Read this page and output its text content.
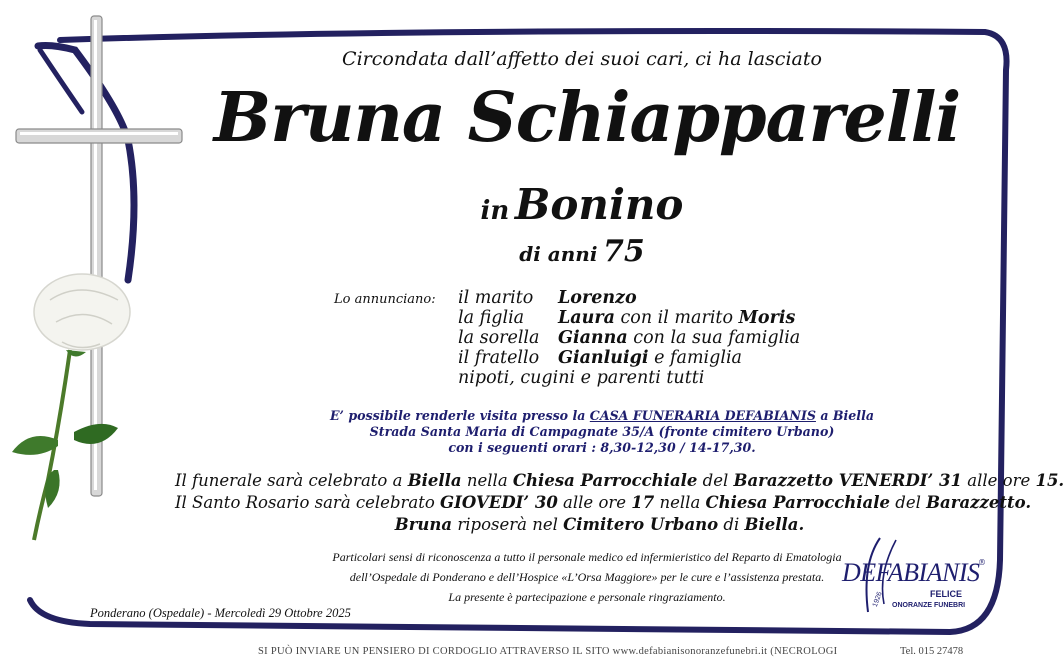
Circondata dall’affetto dei suoi cari, ci ha lasciato
Bruna Schiapparelli
in Bonino
di anni 75
Lo annunciano: il marito Lorenzo
la figlia Laura con il marito Moris
la sorella Gianna con la sua famiglia
il fratello Gianluigi e famiglia
nipoti, cugini e parenti tutti
E’ possibile renderle visita presso la CASA FUNERARIA DEFABIANIS a Biella
Strada Santa Maria di Campagnate 35/A (fronte cimitero Urbano)
con i seguenti orari : 8,30-12,30 / 14-17,30.
Il funerale sarà celebrato a Biella nella Chiesa Parrocchiale del Barazzetto VENERDI’ 31 alle ore 15.
Il Santo Rosario sarà celebrato GIOVEDI’ 30 alle ore 17 nella Chiesa Parrocchiale del Barazzetto.
Bruna riposerà nel Cimitero Urbano di Biella.
Particolari sensi di riconoscenza a tutto il personale medico ed infermieristico del Reparto di Ematologia
dell’Ospedale di Ponderano e dell’Hospice «L’Orsa Maggiore» per le cure e l’assistenza prestata.
La presente è partecipazione e personale ringraziamento.
Ponderano (Ospedale) - Mercoledì 29 Ottobre 2025
DEFABIANIS
®
FELICE
ONORANZE FUNEBRI
1926
SI PUÒ INVIARE UN PENSIERO DI CORDOGLIO ATTRAVERSO IL SITO www.defabianisonoranzefunebri.it (NECROLOGI	Tel. 015 27478
